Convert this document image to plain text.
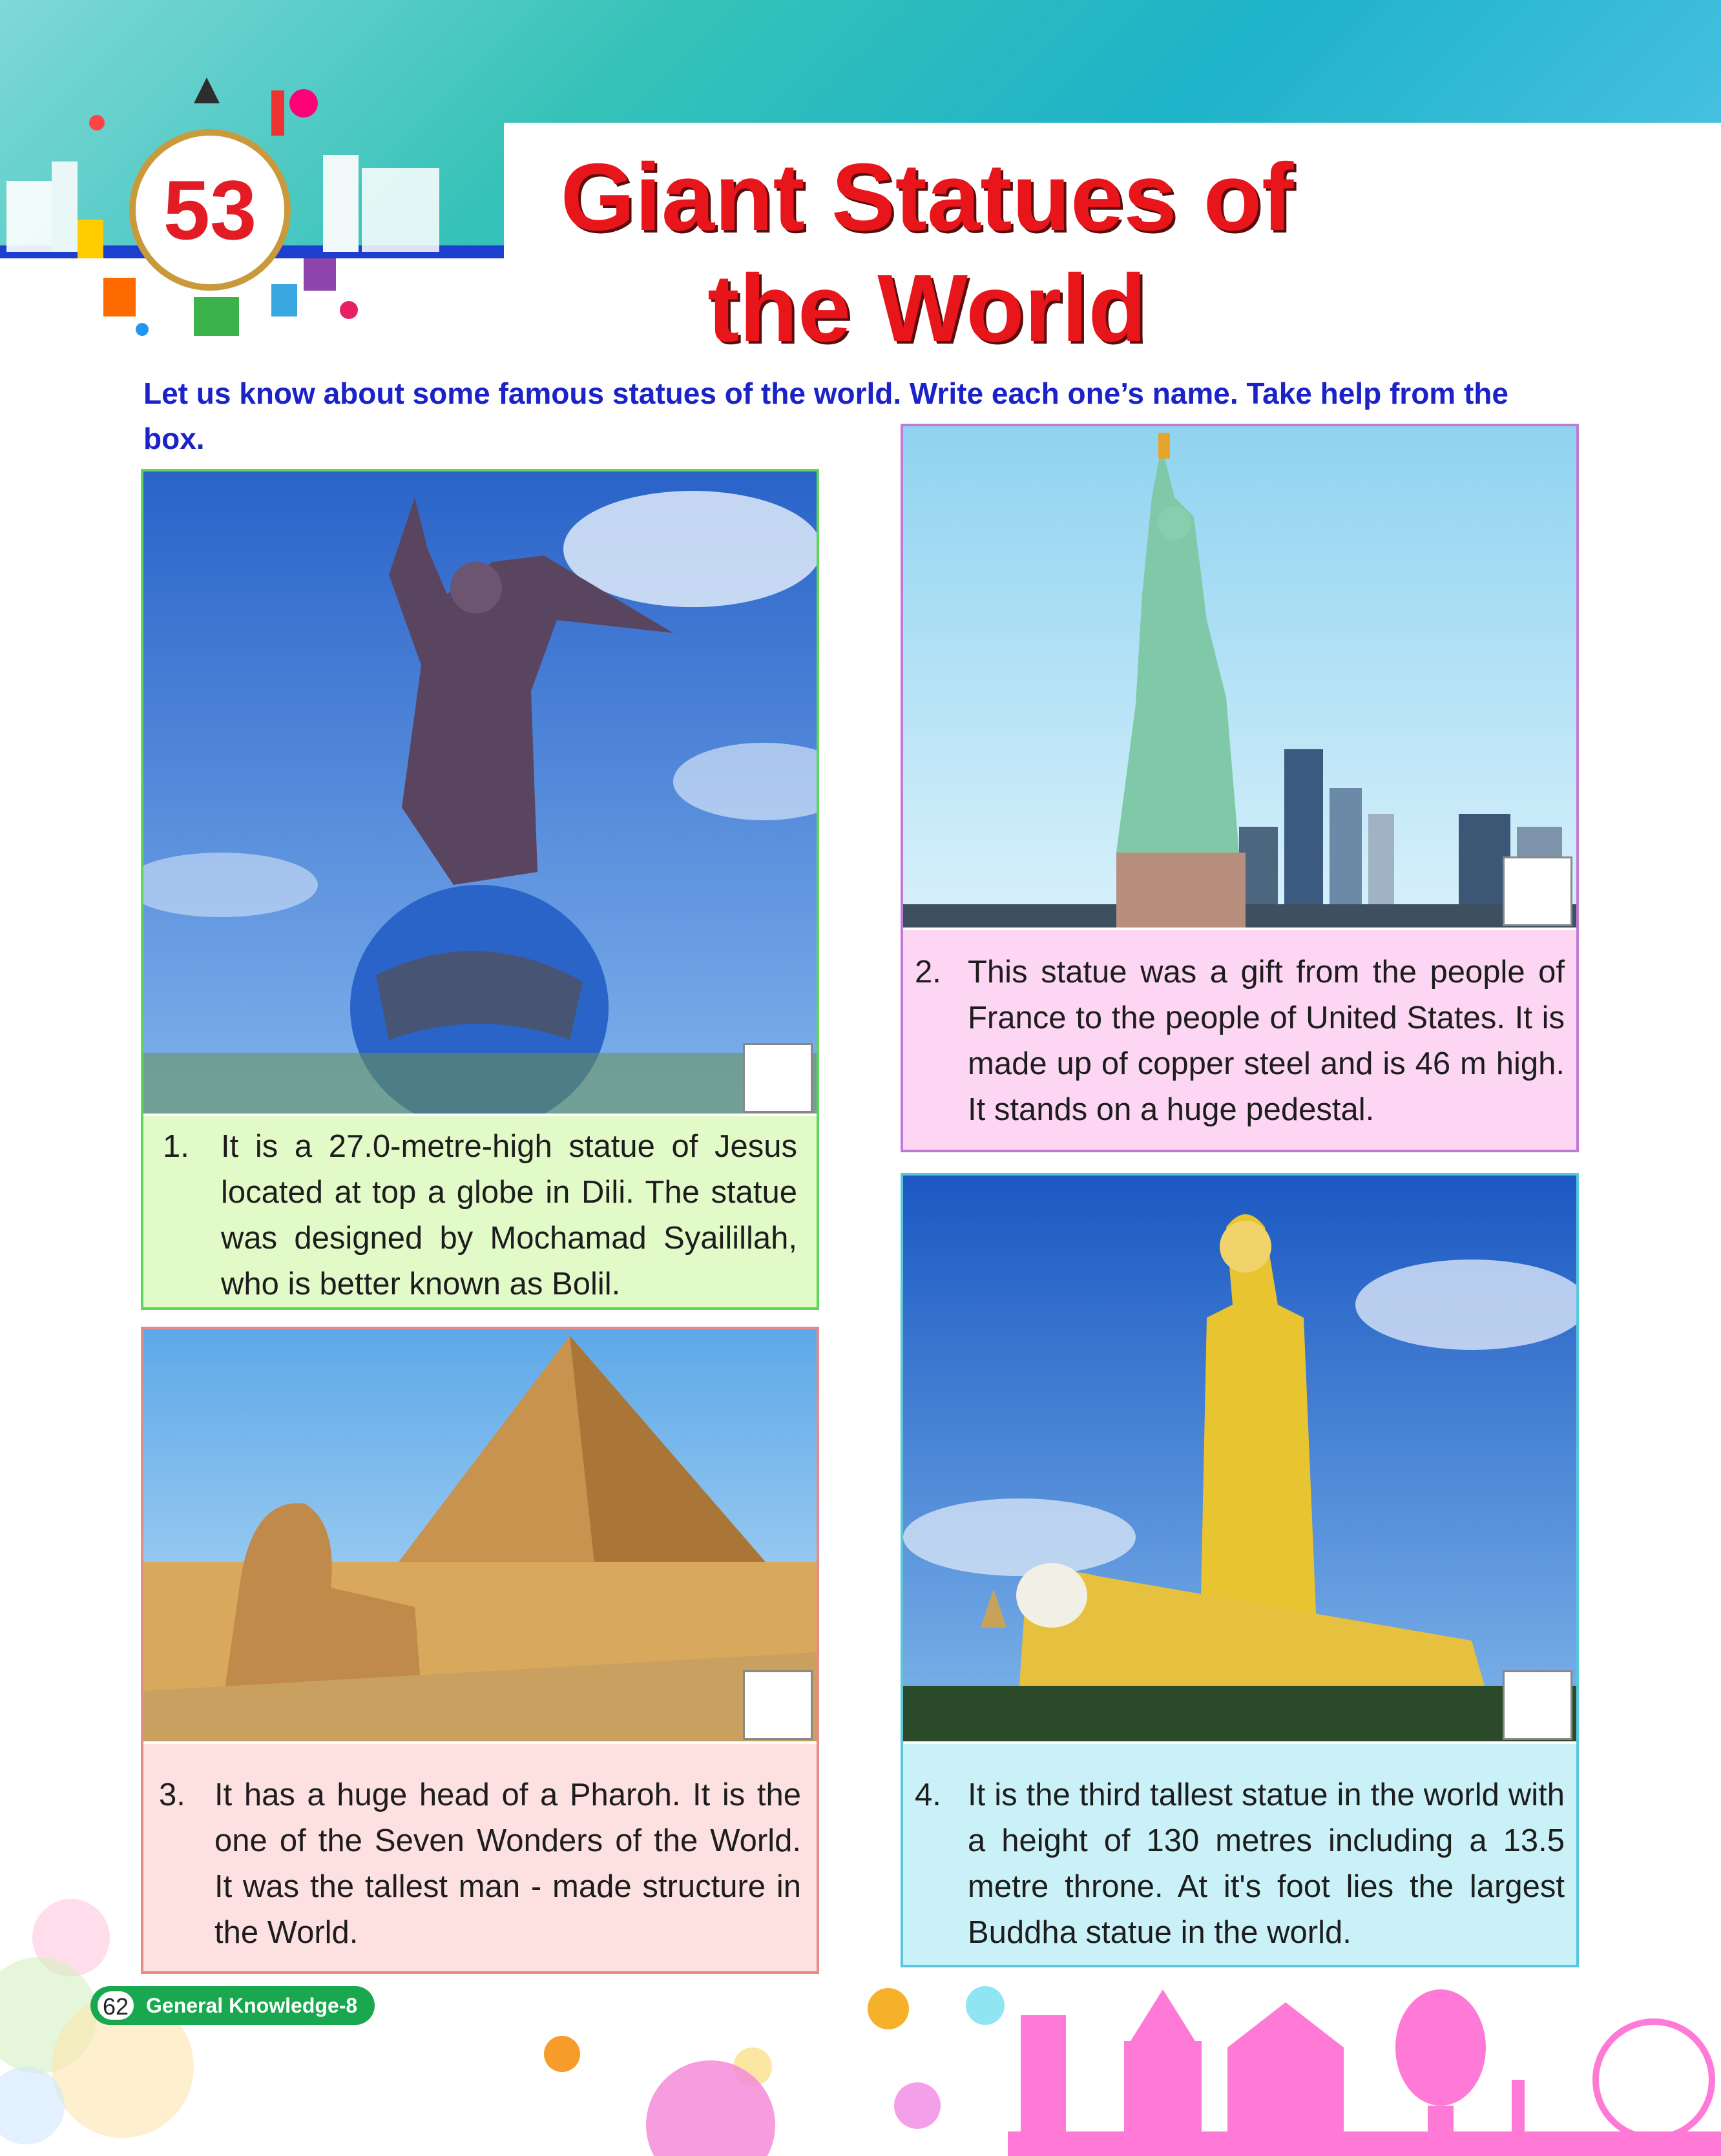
53	Giant Statues of
the World
Let us know about some famous statues of the world. Write each one’s name. Take help from the box.
1.	It is a 27.0-metre-high statue of Jesus located at top a globe in Dili. The statue was designed by Mochamad Syailillah, who is better known as Bolil.
2. This statue was a gift from the people of France to the people of United States. It is made up of copper steel and is 46 m high. It stands on a huge pedestal.
3. It has a huge head of a Pharoh. It is the one of the Seven Wonders of the World. It was the tallest man - made structure in the World.
4. It is the third tallest statue in the world with a height of 130 metres including a 13.5 metre throne. At it's foot lies the largest Buddha statue in the world.
62 General Knowledge-8
